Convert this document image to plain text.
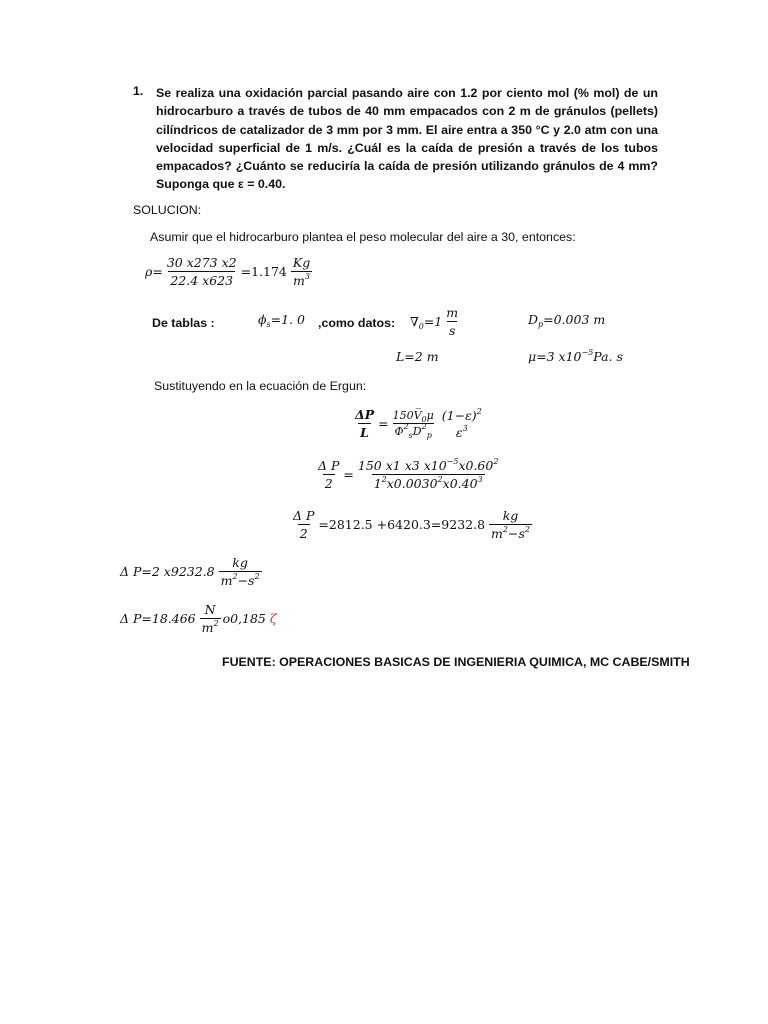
1. Se realiza una oxidación parcial pasando aire con 1.2 por ciento mol (% mol) de un hidrocarburo a través de tubos de 40 mm empacados con 2 m de gránulos (pellets) cilíndricos de catalizador de 3 mm por 3 mm. El aire entra a 350 °C y 2.0 atm con una velocidad superficial de 1 m/s. ¿Cuál es la caída de presión a través de los tubos empacados? ¿Cuánto se reduciría la caída de presión utilizando gránulos de 4 mm? Suponga que ε = 0.40.
SOLUCION:
Asumir que el hidrocarburo plantea el peso molecular del aire a 30, entonces:
$\rho= \frac{30 x273 x2}{22.4 x623} =1.174 \frac{Kg}{m^3}$
De tablas :	$\phi_s=1$. 0 ,como datos: $\nabla_0=1 \frac{m}{s}$	$D_p=0.003$ m
L=2 m	μ=3 $x10^{-5}Pa$. s
Sustituyendo en la ecuación de Ergun:
$\frac{\Delta P}{L} = \frac{150V̅_0\mu}{\Phi^2_sD^2_p} (1-\varepsilon)^2$
$\varepsilon^3$
$\frac{\text{Δ P}}{2} = \frac{150 x1 x3 x10^{-5}x0.60^2}{1^2x0.0030^2x0.40^3}$
$\frac{\text{Δ P}}{2} =2812.5 +6420.3=9232.8 \frac{kg}{m^2-s^2}$
Δ P=2 $x9232.8 \frac{kg}{m^2-s^2}$
Δ $P=18.466 \frac{N}{m^2} o0,185$ ζ
FUENTE: OPERACIONES BASICAS DE INGENIERIA QUIMICA, MC CABE/SMITH
